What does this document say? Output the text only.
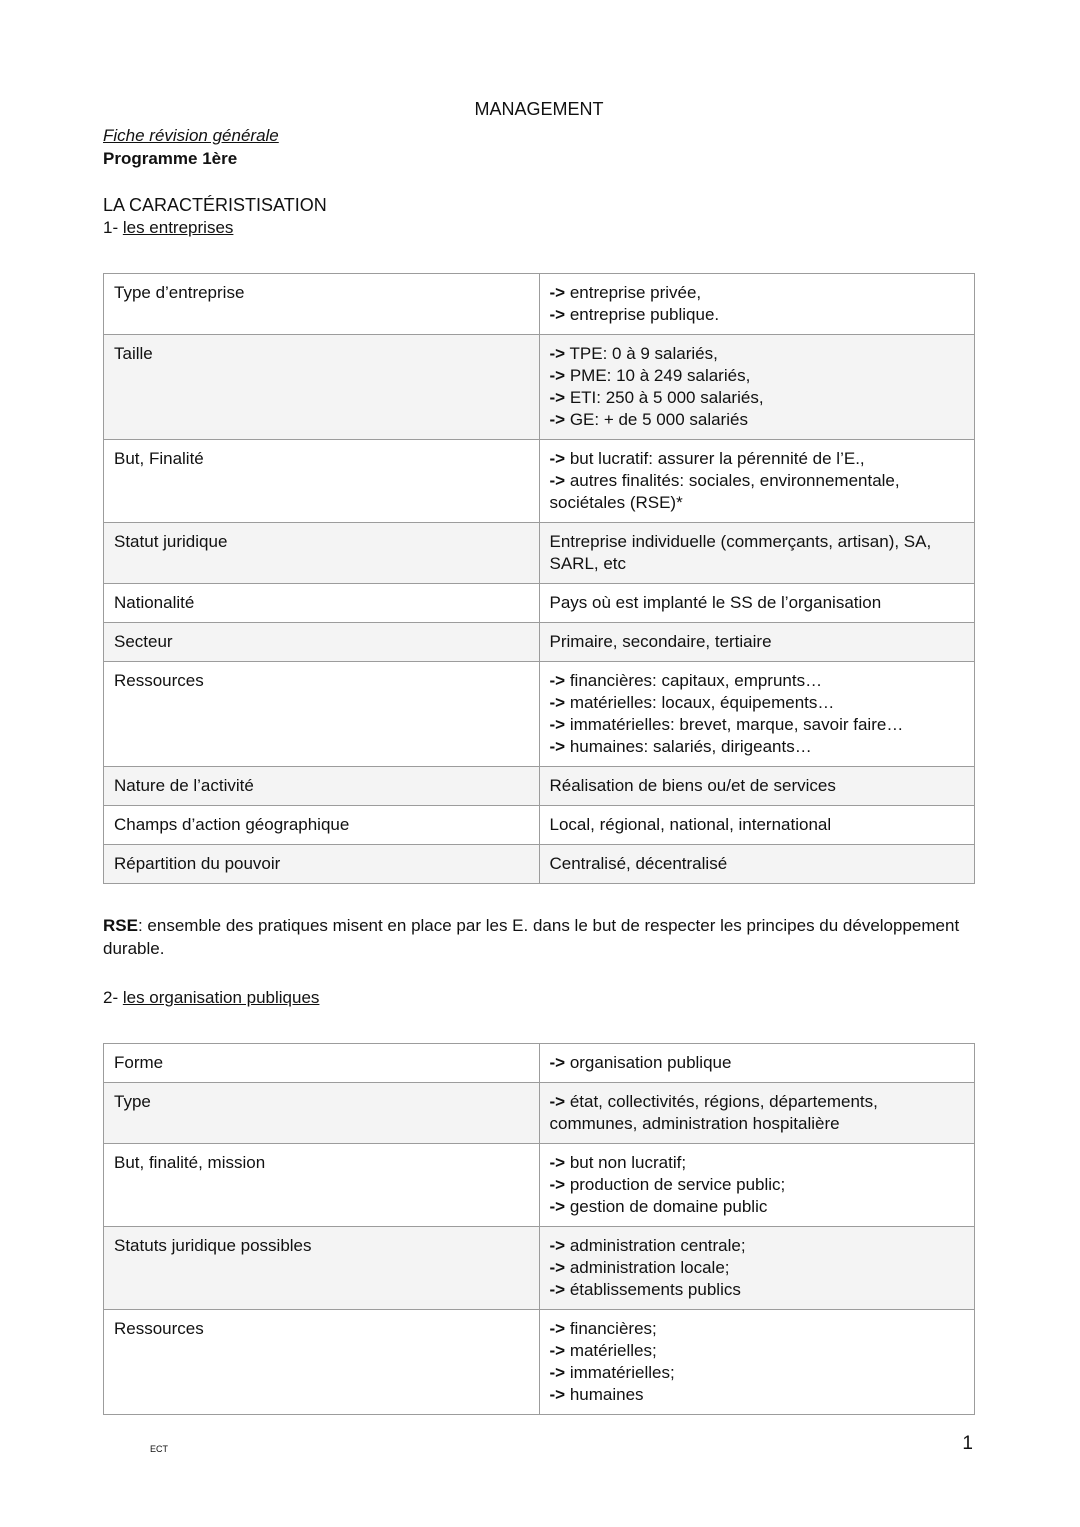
MANAGEMENT
Fiche révision générale
Programme 1ère
LA CARACTÉRISTISATION
1- les entreprises
Type d’entreprise	-> entreprise privée,
-> entreprise publique.

Taille	-> TPE: 0 à 9 salariés,
-> PME: 10 à 249 salariés,
-> ETI: 250 à 5 000 salariés,
-> GE: + de 5 000 salariés

But, Finalité	-> but lucratif: assurer la pérennité de l’E.,
-> autres finalités: sociales, environnementale, sociétales (RSE)*

Statut juridique	Entreprise individuelle (commerçants, artisan), SA, SARL, etc

Nationalité	Pays où est implanté le SS de l’organisation

Secteur	Primaire, secondaire, tertiaire

Ressources	-> financières: capitaux, emprunts…
-> matérielles: locaux, équipements…
-> immatérielles: brevet, marque, savoir faire…
-> humaines: salariés, dirigeants…

Nature de l’activité	Réalisation de biens ou/et de services

Champs d’action géographique	Local, régional, national, international

Répartition du pouvoir	Centralisé, décentralisé

RSE: ensemble des pratiques misent en place par les E. dans le but de respecter les principes du développement durable.

2- les organisation publiques
Forme	-> organisation publique

Type	-> état, collectivités, régions, départements, communes, administration hospitalière

But, finalité, mission	-> but non lucratif;
-> production de service public;
-> gestion de domaine public

Statuts juridique possibles	-> administration centrale;
-> administration locale;
-> établissements publics

Ressources	-> financières;
-> matérielles;
-> immatérielles;
-> humaines
ECT	1
